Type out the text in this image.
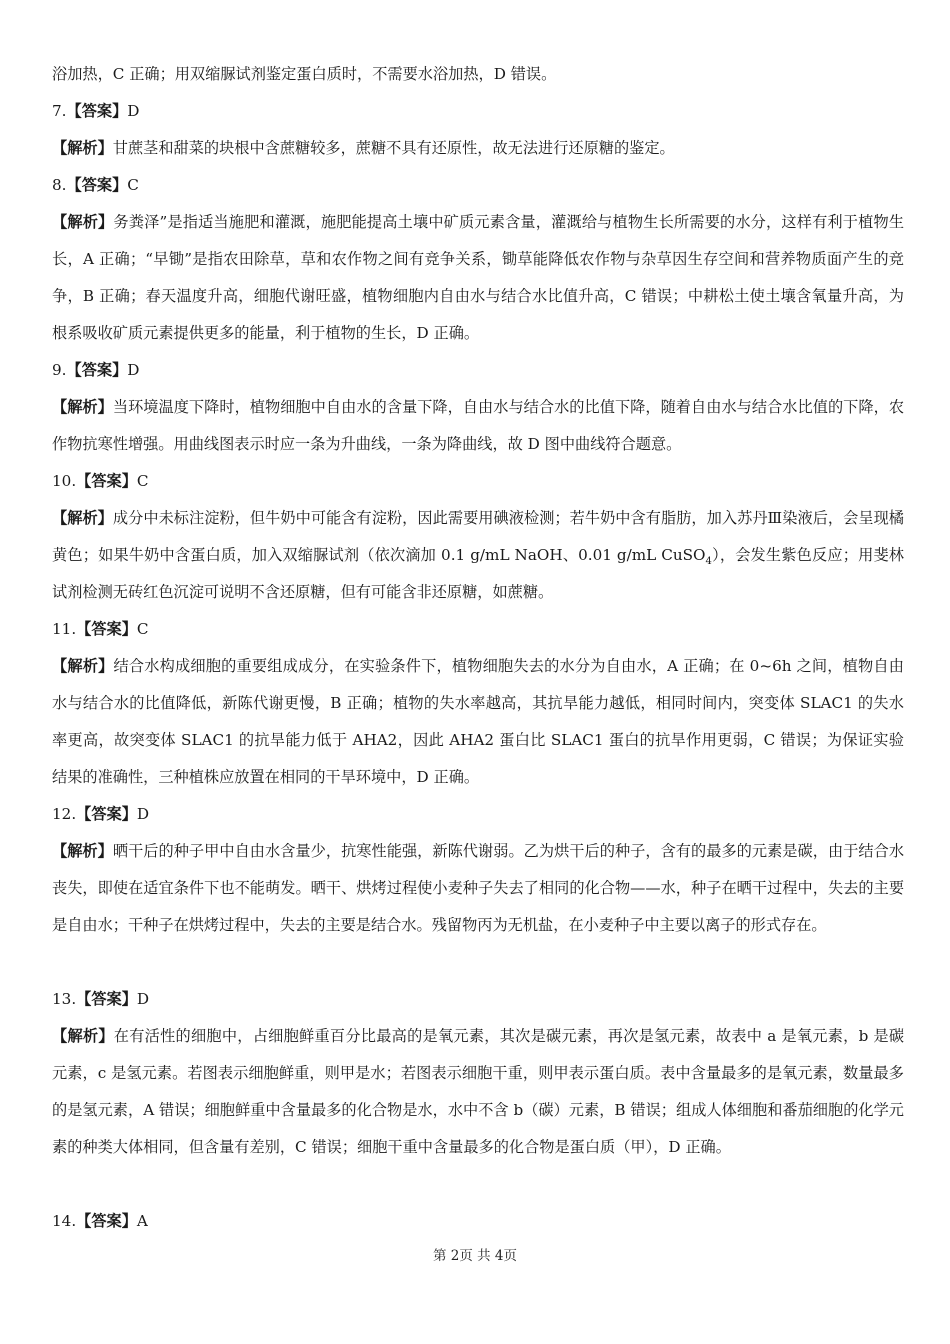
浴加热，C 正确；用双缩脲试剂鉴定蛋白质时，不需要水浴加热，D 错误。
7.【答案】D
【解析】甘蔗茎和甜菜的块根中含蔗糖较多，蔗糖不具有还原性，故无法进行还原糖的鉴定。
8.【答案】C
【解析】务粪泽”是指适当施肥和灌溉，施肥能提高土壤中矿质元素含量，灌溉给与植物生长所需要的水分，这样有利于植物生长，A 正确；“早锄”是指农田除草，草和农作物之间有竞争关系，锄草能降低农作物与杂草因生存空间和营养物质面产生的竞争，B 正确；春天温度升高，细胞代谢旺盛，植物细胞内自由水与结合水比值升高，C 错误；中耕松土使土壤含氧量升高，为根系吸收矿质元素提供更多的能量，利于植物的生长，D 正确。
9.【答案】D
【解析】当环境温度下降时，植物细胞中自由水的含量下降，自由水与结合水的比值下降，随着自由水与结合水比值的下降，农作物抗寒性增强。用曲线图表示时应一条为升曲线，一条为降曲线，故 D 图中曲线符合题意。
10.【答案】C
【解析】成分中未标注淀粉，但牛奶中可能含有淀粉，因此需要用碘液检测；若牛奶中含有脂肪，加入苏丹Ⅲ染液后，会呈现橘黄色；如果牛奶中含蛋白质，加入双缩脲试剂（依次滴加 0.1 g/mL NaOH、0.01 g/mL CuSO$_4$），会发生紫色反应；用斐林试剂检测无砖红色沉淀可说明不含还原糖，但有可能含非还原糖，如蔗糖。
11.【答案】C
【解析】结合水构成细胞的重要组成成分，在实验条件下，植物细胞失去的水分为自由水，A 正确；在 0~6h 之间，植物自由水与结合水的比值降低，新陈代谢更慢，B 正确；植物的失水率越高，其抗旱能力越低，相同时间内，突变体 SLAC1 的失水率更高，故突变体 SLAC1 的抗旱能力低于 AHA2，因此 AHA2 蛋白比 SLAC1 蛋白的抗旱作用更弱，C 错误；为保证实验结果的准确性，三种植株应放置在相同的干旱环境中，D 正确。
12.【答案】D
【解析】晒干后的种子甲中自由水含量少，抗寒性能强，新陈代谢弱。乙为烘干后的种子，含有的最多的元素是碳，由于结合水丧失，即使在适宜条件下也不能萌发。晒干、烘烤过程使小麦种子失去了相同的化合物——水，种子在晒干过程中，失去的主要是自由水；干种子在烘烤过程中，失去的主要是结合水。残留物丙为无机盐，在小麦种子中主要以离子的形式存在。
13.【答案】D
【解析】在有活性的细胞中，占细胞鲜重百分比最高的是氧元素，其次是碳元素，再次是氢元素，故表中 a 是氧元素，b 是碳元素，c 是氢元素。若图表示细胞鲜重，则甲是水；若图表示细胞干重，则甲表示蛋白质。表中含量最多的是氧元素，数量最多的是氢元素，A 错误；细胞鲜重中含量最多的化合物是水，水中不含 b（碳）元素，B 错误；组成人体细胞和番茄细胞的化学元素的种类大体相同，但含量有差别，C 错误；细胞干重中含量最多的化合物是蛋白质（甲），D 正确。
14.【答案】A
第 2页 共 4页
